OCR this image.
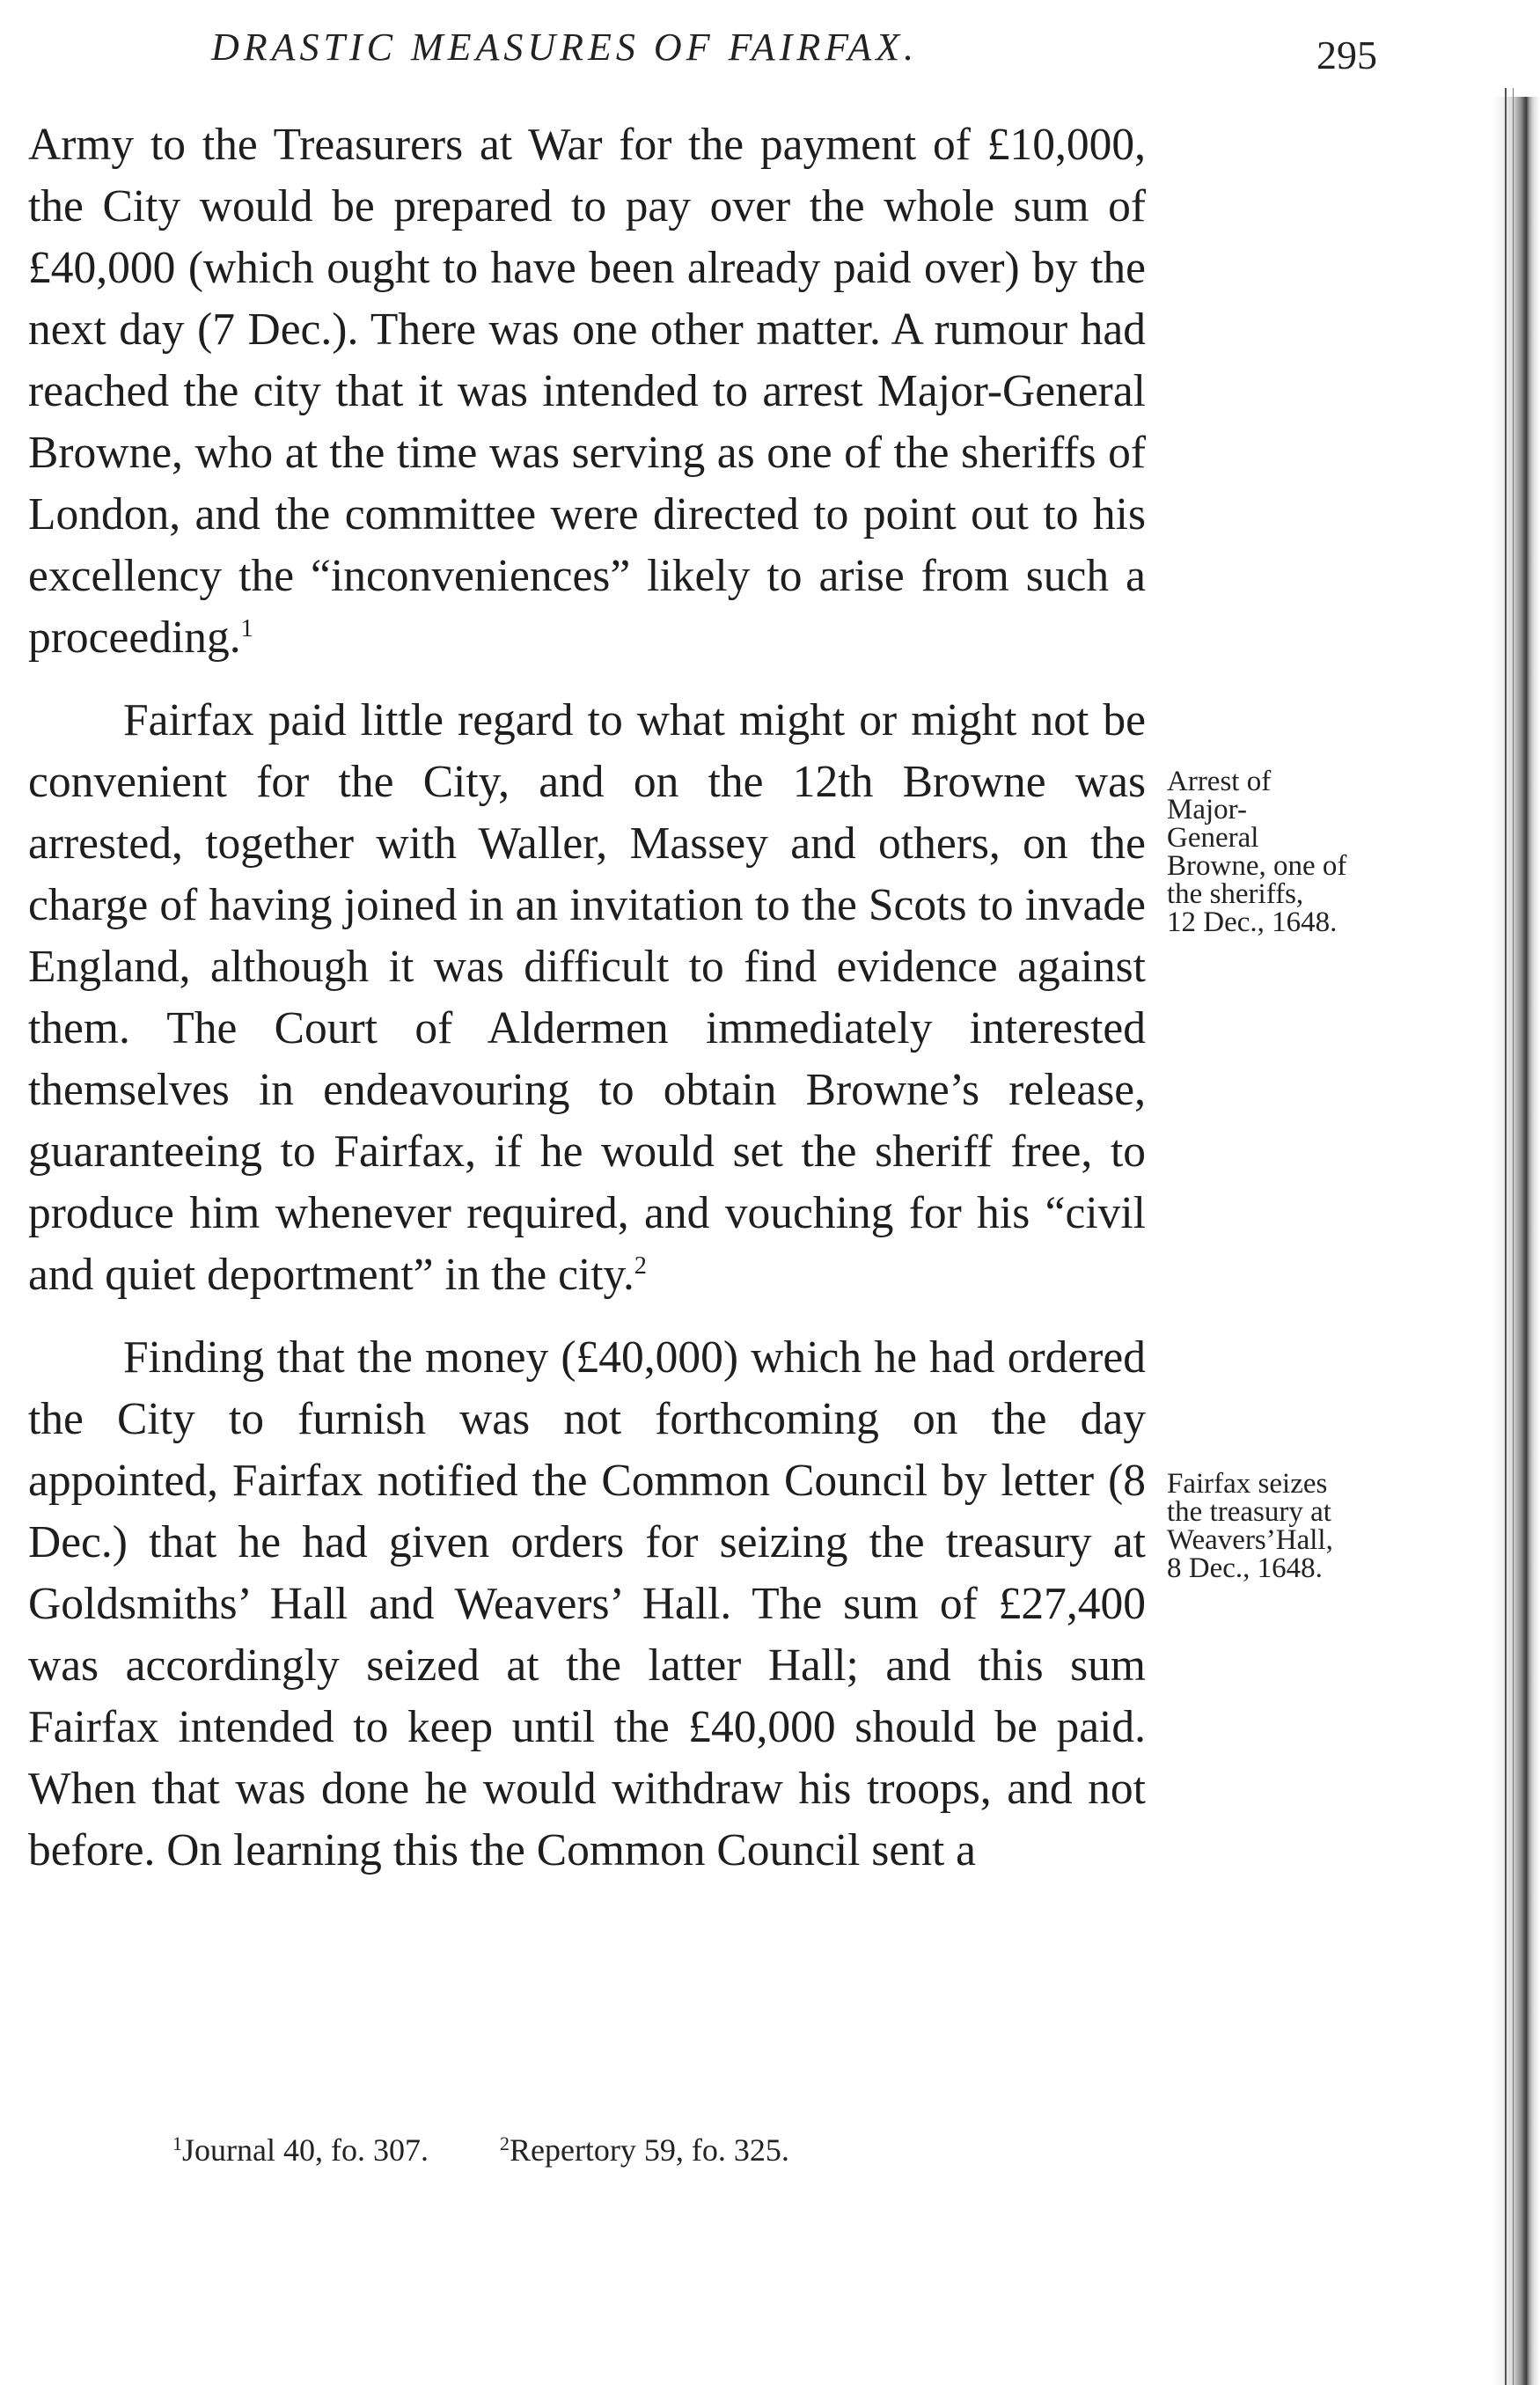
DRASTIC MEASURES OF FAIRFAX.	295

Army to the Treasurers at War for the payment of £10,000, the City would be prepared to pay over the whole sum of £40,000 (which ought to have been already paid over) by the next day (7 Dec.). There was one other matter. A rumour had reached the city that it was intended to arrest Major-General Browne, who at the time was serving as one of the sheriffs of London, and the committee were directed to point out to his excellency the “inconveniences” likely to arise from such a proceeding.$^1$

Fairfax paid little regard to what might or might not be convenient for the City, and on the 12th Browne was arrested, together with Waller, Massey and others, on the charge of having joined in an invitation to the Scots to invade England, although it was difficult to find evidence against them. The Court of Aldermen immediately interested themselves in endeavouring to obtain Browne’s release, guaranteeing to Fairfax, if he would set the sheriff free, to produce him whenever required, and vouching for his “civil and quiet deportment” in the city.$^2$

Finding that the money (£40,000) which he had ordered the City to furnish was not forthcoming on the day appointed, Fairfax notified the Common Council by letter (8 Dec.) that he had given orders for seizing the treasury at Goldsmiths’ Hall and Weavers’ Hall. The sum of £27,400 was accordingly seized at the latter Hall; and this sum Fairfax intended to keep until the £40,000 should be paid. When that was done he would withdraw his troops, and not before. On learning this the Common Council sent a

Arrest of
Major-
General
Browne, one of
the sheriffs,
12 Dec., 1648.
Fairfax seizes
the treasury at
Weavers’Hall,
8 Dec., 1648.
$^1$Journal 40, fo. 307.	$^2$Repertory 59, fo. 325.
